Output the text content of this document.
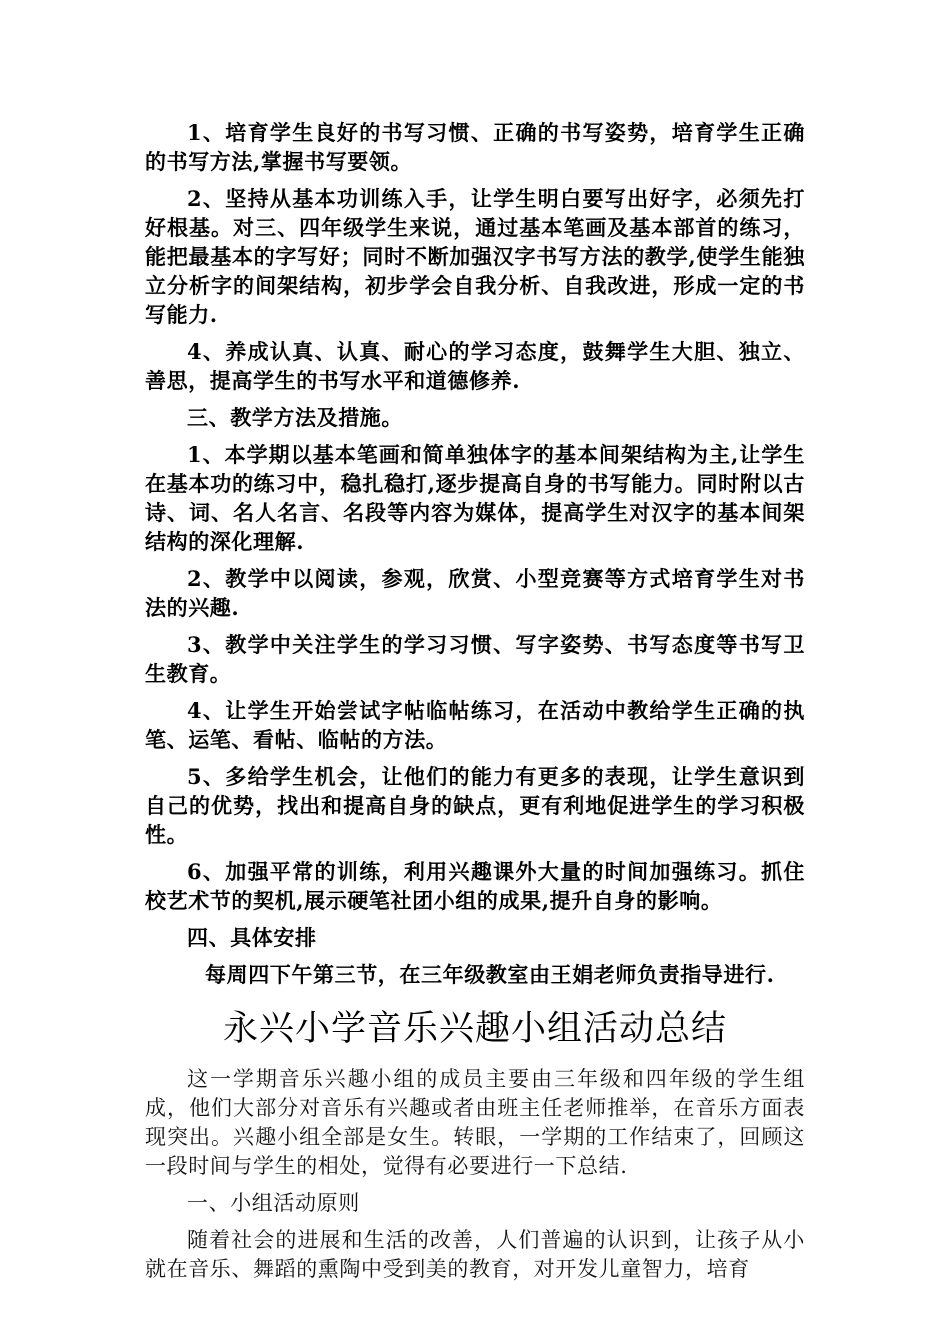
1、培育学生良好的书写习惯、正确的书写姿势，培育学生正确的书写方法,掌握书写要领。

2、坚持从基本功训练入手，让学生明白要写出好字，必须先打好根基。对三、四年级学生来说，通过基本笔画及基本部首的练习，能把最基本的字写好；同时不断加强汉字书写方法的教学,使学生能独立分析字的间架结构，初步学会自我分析、自我改进，形成一定的书写能力.

4、养成认真、认真、耐心的学习态度，鼓舞学生大胆、独立、善思，提高学生的书写水平和道德修养.

三、教学方法及措施。

1、本学期以基本笔画和简单独体字的基本间架结构为主,让学生在基本功的练习中，稳扎稳打,逐步提高自身的书写能力。同时附以古诗、词、名人名言、名段等内容为媒体，提高学生对汉字的基本间架结构的深化理解.

2、教学中以阅读，参观，欣赏、小型竞赛等方式培育学生对书法的兴趣.

3、教学中关注学生的学习习惯、写字姿势、书写态度等书写卫生教育。

4、让学生开始尝试字帖临帖练习，在活动中教给学生正确的执笔、运笔、看帖、临帖的方法。

5、多给学生机会，让他们的能力有更多的表现，让学生意识到自己的优势，找出和提高自身的缺点，更有利地促进学生的学习积极性。

6、加强平常的训练，利用兴趣课外大量的时间加强练习。抓住校艺术节的契机,展示硬笔社团小组的成果,提升自身的影响。

四、具体安排

每周四下午第三节，在三年级教室由王娟老师负责指导进行.

永兴小学音乐兴趣小组活动总结

这一学期音乐兴趣小组的成员主要由三年级和四年级的学生组成，他们大部分对音乐有兴趣或者由班主任老师推举，在音乐方面表现突出。兴趣小组全部是女生。转眼，一学期的工作结束了，回顾这一段时间与学生的相处，觉得有必要进行一下总结.

一、小组活动原则

随着社会的进展和生活的改善，人们普遍的认识到，让孩子从小就在音乐、舞蹈的熏陶中受到美的教育，对开发儿童智力，培育
